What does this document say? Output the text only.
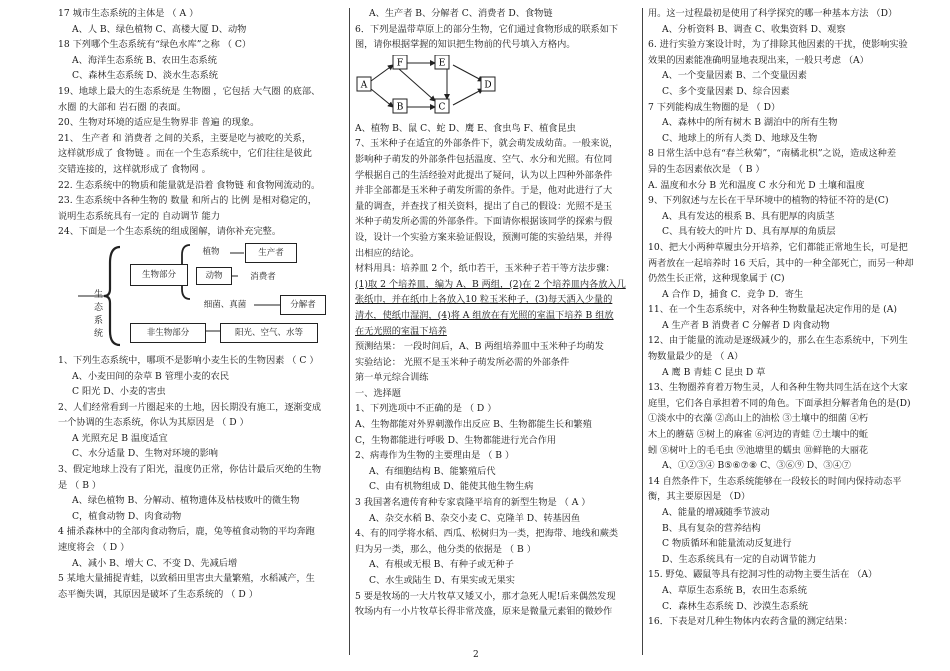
17 城市生态系统的主体是 （ A ）
A、人 B、绿色植物 C、高楼大厦 D、动物
18 下列哪个生态系统有“绿色水库”之称 （ C）
A、海洋生态系统 B、农田生态系统
C、森林生态系统 D、淡水生态系统
19、地球上最大的生态系统是 生物圈 ，它包括 大气圈 的底部、
水圈 的大部和 岩石圈 的表面。
20、生物对环境的适应是生物界非 普遍 的现象。
21、 生产者 和 消费者 之间的关系，主要是吃与被吃的关系，
这样就形成了 食物链 。而在一个生态系统中，它们往往是彼此
交错连接的，这样就形成了 食物网 。
22. 生态系统中的物质和能量就是沿着 食物链 和食物网流动的。
23. 生态系统中各种生物的 数量 和所占的 比例 是相对稳定的，
说明生态系统具有一定的 自动调节 能力
24、下面是一个生态系统的组成图解，请你补充完整。
生
态
系
统
植物	生产者
生物部分	动物	消费者
细菌、真菌	分解者
非生物部分	阳光、空气、水等
1、下列生态系统中，哪项不是影响小麦生长的生物因素 （ C ）
A、小麦田间的杂草 B 管理小麦的农民
C 阳光 D、小麦的害虫
2、人们经常看到一片圈起来的土地，因长期没有施工，逐渐变成
一个协调的生态系统，你认为其原因是 （ D ）
A 光照充足 B 温度适宜
C、水分适量 D、生物对环境的影响
3、假定地球上没有了阳光，温度仍正常，你估计最后灭绝的生物
是 （ B ）
A、绿色植物 B、分解动、植物遗体及枯枝败叶的微生物
C，植食动物 D、肉食动物
4 捕杀森林中的全部肉食动物后，鹿，兔等植食动物的平均奔跑
速度将会 （ D ）
A、减小 B、增大 C、不变 D、先减后增
5 某地大量捕捉青蛙，以致稻田里害虫大量繁殖，水稻减产，生
态平衡失调，其原因是破坏了生态系统的 （ D ）
A、生产者 B、分解者 C、消费者 D、食物链
6．下列是温带草原上的部分生物，它们通过食物形成的联系如下
图，请你根据掌握的知识把生物前的代号填入方格内。
A
F	E
D
B	C
A、植物 B、鼠 C、蛇 D、鹰 E、食虫鸟 F、植食昆虫
7、玉米种子在适宜的外部条件下，就会萌发成幼苗。一般来说，
影响种子萌发的外部条件包括温度、空气、水分和光照。有位同
学根据自己的生活经验对此提出了疑问，认为以上四种外部条件
并非全部都是玉米种子萌发所需的条件。于是，他对此进行了大
量的调查，并查找了相关资料，提出了自己的假设：光照不是玉
米种子萌发所必需的外部条件。下面请你根据该同学的探索与假
设，设计一个实验方案来验证假设，预测可能的实验结果，并得
出相应的结论。
材料用具：培养皿 2 个，纸巾若干，玉米种子若干等方法步骤：
(1)取 2 个培养皿，编为 A、B 两组，(2)在 2 个培养皿内各放入几
张纸巾，并在纸巾上各放入10 粒玉米种子，(3)每天洒入少量的
清水，使纸巾湿润，(4)将 A 组放在有光照的室温下培养 B 组放
在无光照的室温下培养
预测结果： 一段时间后，A、B 两组培养皿中玉米种子均萌发
实验结论： 光照不是玉米种子萌发所必需的外部条件
第一单元综合训练
一、选择题
1、下列选项中不正确的是 （ D ）
A、生物都能对外界刺激作出反应 B、生物都能生长和繁殖
C，生物都能进行呼吸 D、生物都能进行光合作用
2、病毒作为生物的主要理由是 （ B ）
A、有细胞结构 B、能繁殖后代
C、由有机物组成 D、能使其他生物生病
3 我国著名遗传育种专家袁隆平培育的新型生物是 （ A ）
A、杂交水稻 B、杂交小麦 C、克隆羊 D、转基因鱼
4、有的同学将水稻、西瓜、松树归为一类，把海带、地线和蕨类
归为另一类，那么，他分类的依据是 （ B ）
A、有根或无根 B、有种子或无种子
C、水生或陆生 D、有果实或无果实
5 要是牧场的一大片牧草又矮又小，那才急死人呢!后来偶然发现
牧场内有一小片牧草长得非常茂盛，原来是微量元素钼的微妙作
用。这一过程最初是使用了科学探究的哪一种基本方法 （D）
A、分析资料 B、调查 C、收集资料 D、观察
6. 进行实验方案设计时，为了排除其他因素的干扰，使影响实验
效果的因素能准确明显地表现出来，一般只考虑 （A）
A、一个变量因素 B、二个变量因素
C、多个变量因素 D、综合因素
7 下列能构成生物圈的是 （ D）
A、森林中的所有树木 B 湖泊中的所有生物
C、地球上的所有人类 D、地球及生物
8 日常生活中总有“春兰秋菊”，“南橘北枳”之说，造成这种差
异的生态因素依次是 （ B ）
A. 温度和水分 B 光和温度 C 水分和光 D 土壤和温度
9、下列叙述与左长在干旱环境中的植物的特征不符的是(C)
A、具有发达的根系 B、具有肥厚的肉质茎
C、具有较大的叶片 D、具有厚厚的角质层
10、把大小两种草履虫分开培养，它们都能正常地生长，可是把
两者放在一起培养时 16 天后，其中的一种全部死亡，而另一种却
仍然生长正常，这种现象属于 (C)
A 合作 D，捕食 C．竞争 D．寄生
11、在一个生态系统中，对各种生物数量起决定作用的是 (A)
A 生产者 B 消费者 C 分解者 D 肉食动物
12、由于能量的流动是逐级减少的，那么在生态系统中，下列生
物数量最少的是 （ A）
A 鹰 B 青蛙 C 昆虫 D 草
13、生物圈养育着万物生灵，人和各种生物共同生活在这个大家
庭里，它们各自承担着不同的角色。下面承担分解者角色的是(D)
①淡水中的衣藻 ②高山上的油松 ③土壤中的细菌 ④朽
木上的蘑菇 ⑤树上的麻雀 ⑥河边的青蛙 ⑦土壤中的蚯
蚓 ⑧树叶上的毛毛虫 ⑨池塘里的蠕虫 ⑩鲜艳的大丽花
A、①②③④ B⑤⑥⑦⑧ C、③⑥⑨ D、③④⑦
14 自然条件下，生态系统能够在一段较长的时间内保持动态平
衡，其主要原因是 （D）
A、能量的增减随季节波动
B、具有复杂的营养结构
C 物质循环和能量流动反复进行
D、生态系统具有一定的自动调节能力
15. 野兔、鼹鼠等具有挖洞习性的动物主要生活在 （A）
A、草原生态系统 B，农田生态系统
C．森林生态系统 D、沙漠生态系统
16．下表是对几种生物体内农药含量的测定结果：
2
